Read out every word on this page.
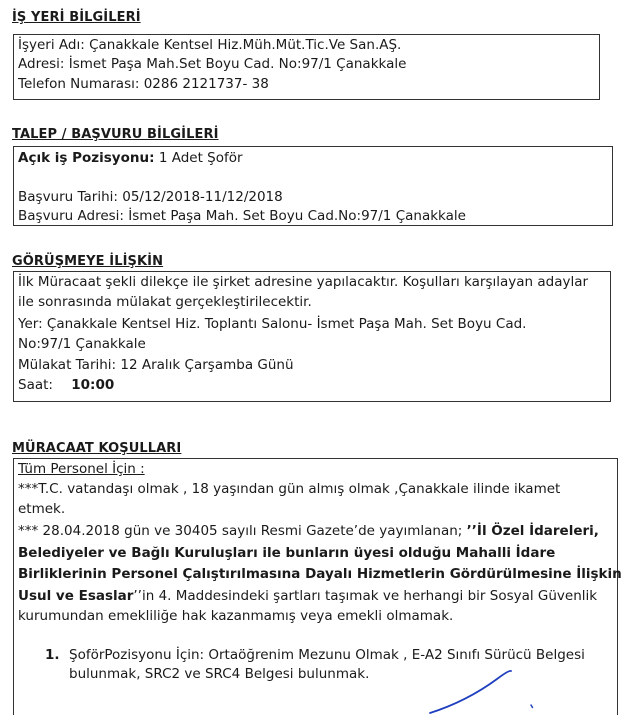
İŞ YERİ BİLGİLERİ
İşyeri Adı: Çanakkale Kentsel Hiz.Müh.Müt.Tic.Ve San.AŞ.
Adresi: İsmet Paşa Mah.Set Boyu Cad. No:97/1 Çanakkale
Telefon Numarası: 0286 2121737- 38
TALEP / BAŞVURU BİLGİLERİ
Açık iş Pozisyonu: 1 Adet Şoför
Başvuru Tarihi: 05/12/2018-11/12/2018
Başvuru Adresi: İsmet Paşa Mah. Set Boyu Cad.No:97/1 Çanakkale
GÖRÜŞMEYE İLİŞKİN
İlk Müracaat şekli dilekçe ile şirket adresine yapılacaktır. Koşulları karşılayan adaylar
ile sonrasında mülakat gerçekleştirilecektir.
Yer: Çanakkale Kentsel Hiz. Toplantı Salonu- İsmet Paşa Mah. Set Boyu Cad.
No:97/1 Çanakkale
Mülakat Tarihi: 12 Aralık Çarşamba Günü
Saat: 10:00
MÜRACAAT KOŞULLARI
Tüm Personel İçin :
***T.C. vatandaşı olmak , 18 yaşından gün almış olmak ,Çanakkale ilinde ikamet
etmek.
*** 28.04.2018 gün ve 30405 sayılı Resmi Gazete’de yayımlanan; ’’İl Özel İdareleri,
Belediyeler ve Bağlı Kuruluşları ile bunların üyesi olduğu Mahalli İdare
Birliklerinin Personel Çalıştırılmasına Dayalı Hizmetlerin Gördürülmesine İlişkin
Usul ve Esaslar’’in 4. Maddesindeki şartları taşımak ve herhangi bir Sosyal Güvenlik
kurumundan emekliliğe hak kazanmamış veya emekli olmamak.
1. ŞoförPozisyonu İçin: Ortaöğrenim Mezunu Olmak , E-A2 Sınıfı Sürücü Belgesi
bulunmak, SRC2 ve SRC4 Belgesi bulunmak.
